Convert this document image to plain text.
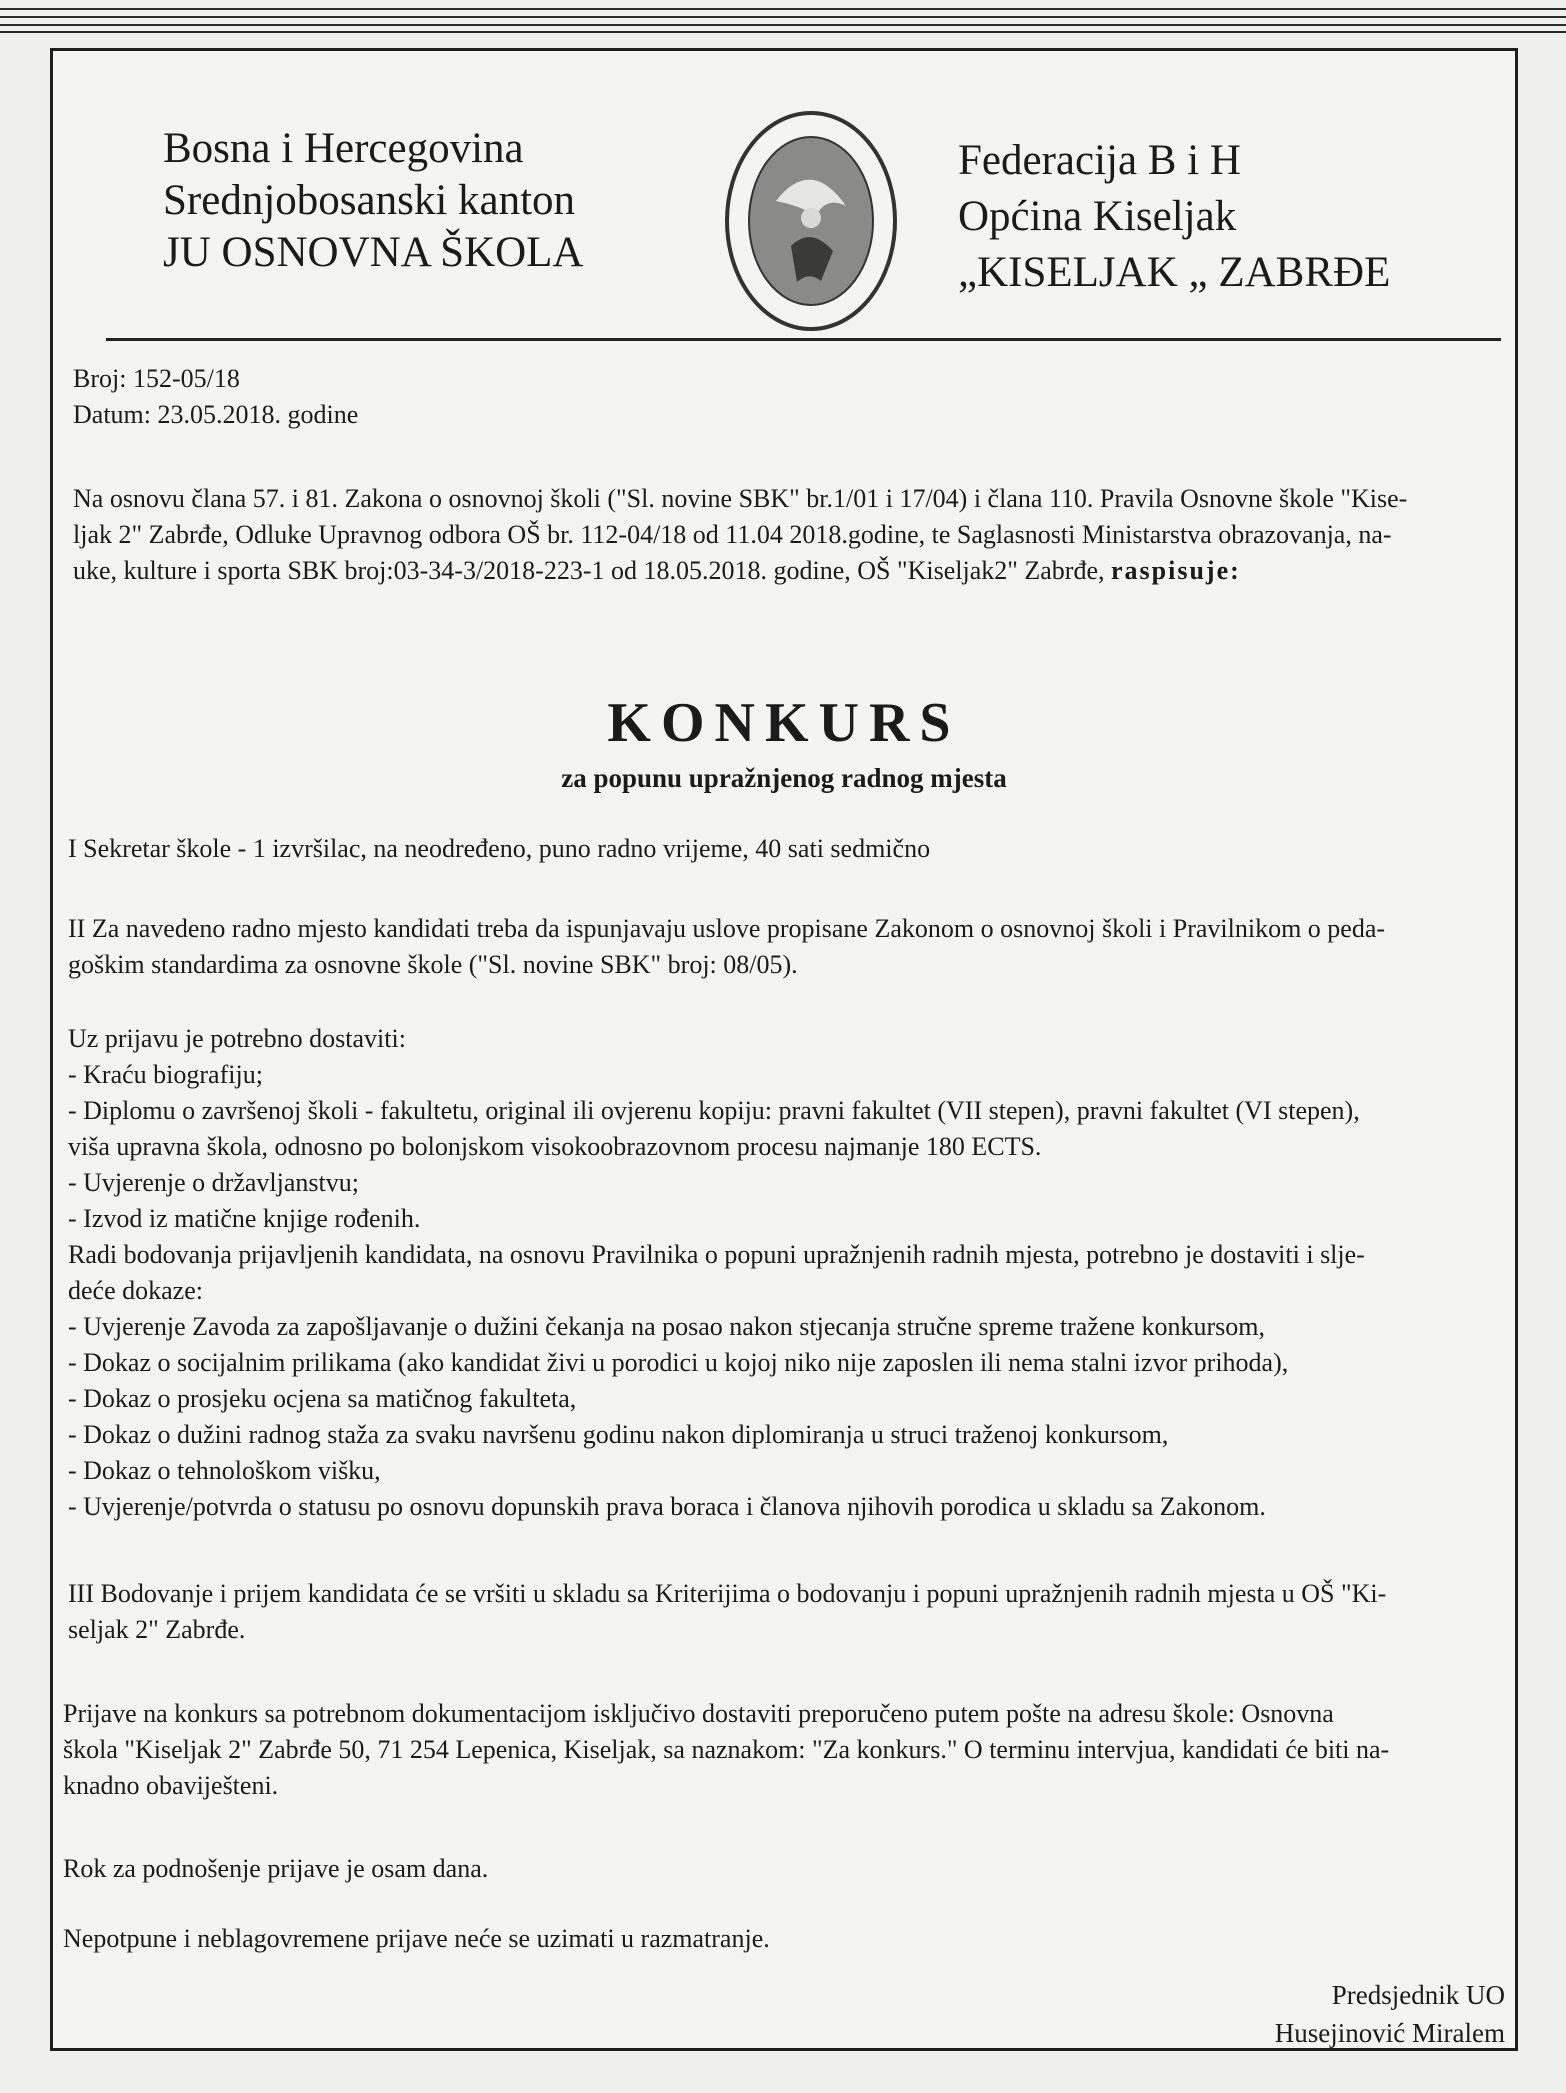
Bosna i Hercegovina
Srednjobosanski kanton
JU OSNOVNA ŠKOLA
Federacija B i H
Općina Kiseljak
„KISELJAK „ ZABRĐE
Broj: 152-05/18
Datum: 23.05.2018. godine
Na osnovu člana 57. i 81. Zakona o osnovnoj školi ("Sl. novine SBK" br.1/01 i 17/04) i člana 110. Pravila Osnovne škole "Kise-
ljak 2" Zabrđe, Odluke Upravnog odbora OŠ br. 112-04/18 od 11.04 2018.godine, te Saglasnosti Ministarstva obrazovanja, na-
uke, kulture i sporta SBK broj:03-34-3/2018-223-1 od 18.05.2018. godine, OŠ "Kiseljak2" Zabrđe, raspisuje:
KONKURS
za popunu upražnjenog radnog mjesta
I Sekretar škole - 1 izvršilac, na neodređeno, puno radno vrijeme, 40 sati sedmično
II Za navedeno radno mjesto kandidati treba da ispunjavaju uslove propisane Zakonom o osnovnoj školi i Pravilnikom o peda-
goškim standardima za osnovne škole ("Sl. novine SBK" broj: 08/05).
Uz prijavu je potrebno dostaviti:
- Kraću biografiju;
- Diplomu o završenoj školi - fakultetu, original ili ovjerenu kopiju: pravni fakultet (VII stepen), pravni fakultet (VI stepen),
viša upravna škola, odnosno po bolonjskom visokoobrazovnom procesu najmanje 180 ECTS.
- Uvjerenje o državljanstvu;
- Izvod iz matične knjige rođenih.
Radi bodovanja prijavljenih kandidata, na osnovu Pravilnika o popuni upražnjenih radnih mjesta, potrebno je dostaviti i slje-
deće dokaze:
- Uvjerenje Zavoda za zapošljavanje o dužini čekanja na posao nakon stjecanja stručne spreme tražene konkursom,
- Dokaz o socijalnim prilikama (ako kandidat živi u porodici u kojoj niko nije zaposlen ili nema stalni izvor prihoda),
- Dokaz o prosjeku ocjena sa matičnog fakulteta,
- Dokaz o dužini radnog staža za svaku navršenu godinu nakon diplomiranja u struci traženoj konkursom,
- Dokaz o tehnološkom višku,
- Uvjerenje/potvrda o statusu po osnovu dopunskih prava boraca i članova njihovih porodica u skladu sa Zakonom.
III Bodovanje i prijem kandidata će se vršiti u skladu sa Kriterijima o bodovanju i popuni upražnjenih radnih mjesta u OŠ "Ki-
seljak 2" Zabrđe.
Prijave na konkurs sa potrebnom dokumentacijom isključivo dostaviti preporučeno putem pošte na adresu škole: Osnovna
škola "Kiseljak 2" Zabrđe 50, 71 254 Lepenica, Kiseljak, sa naznakom: "Za konkurs." O terminu intervjua, kandidati će biti na-
knadno obaviješteni.
Rok za podnošenje prijave je osam dana.
Nepotpune i neblagovremene prijave neće se uzimati u razmatranje.
Predsjednik UO
Husejinović Miralem
